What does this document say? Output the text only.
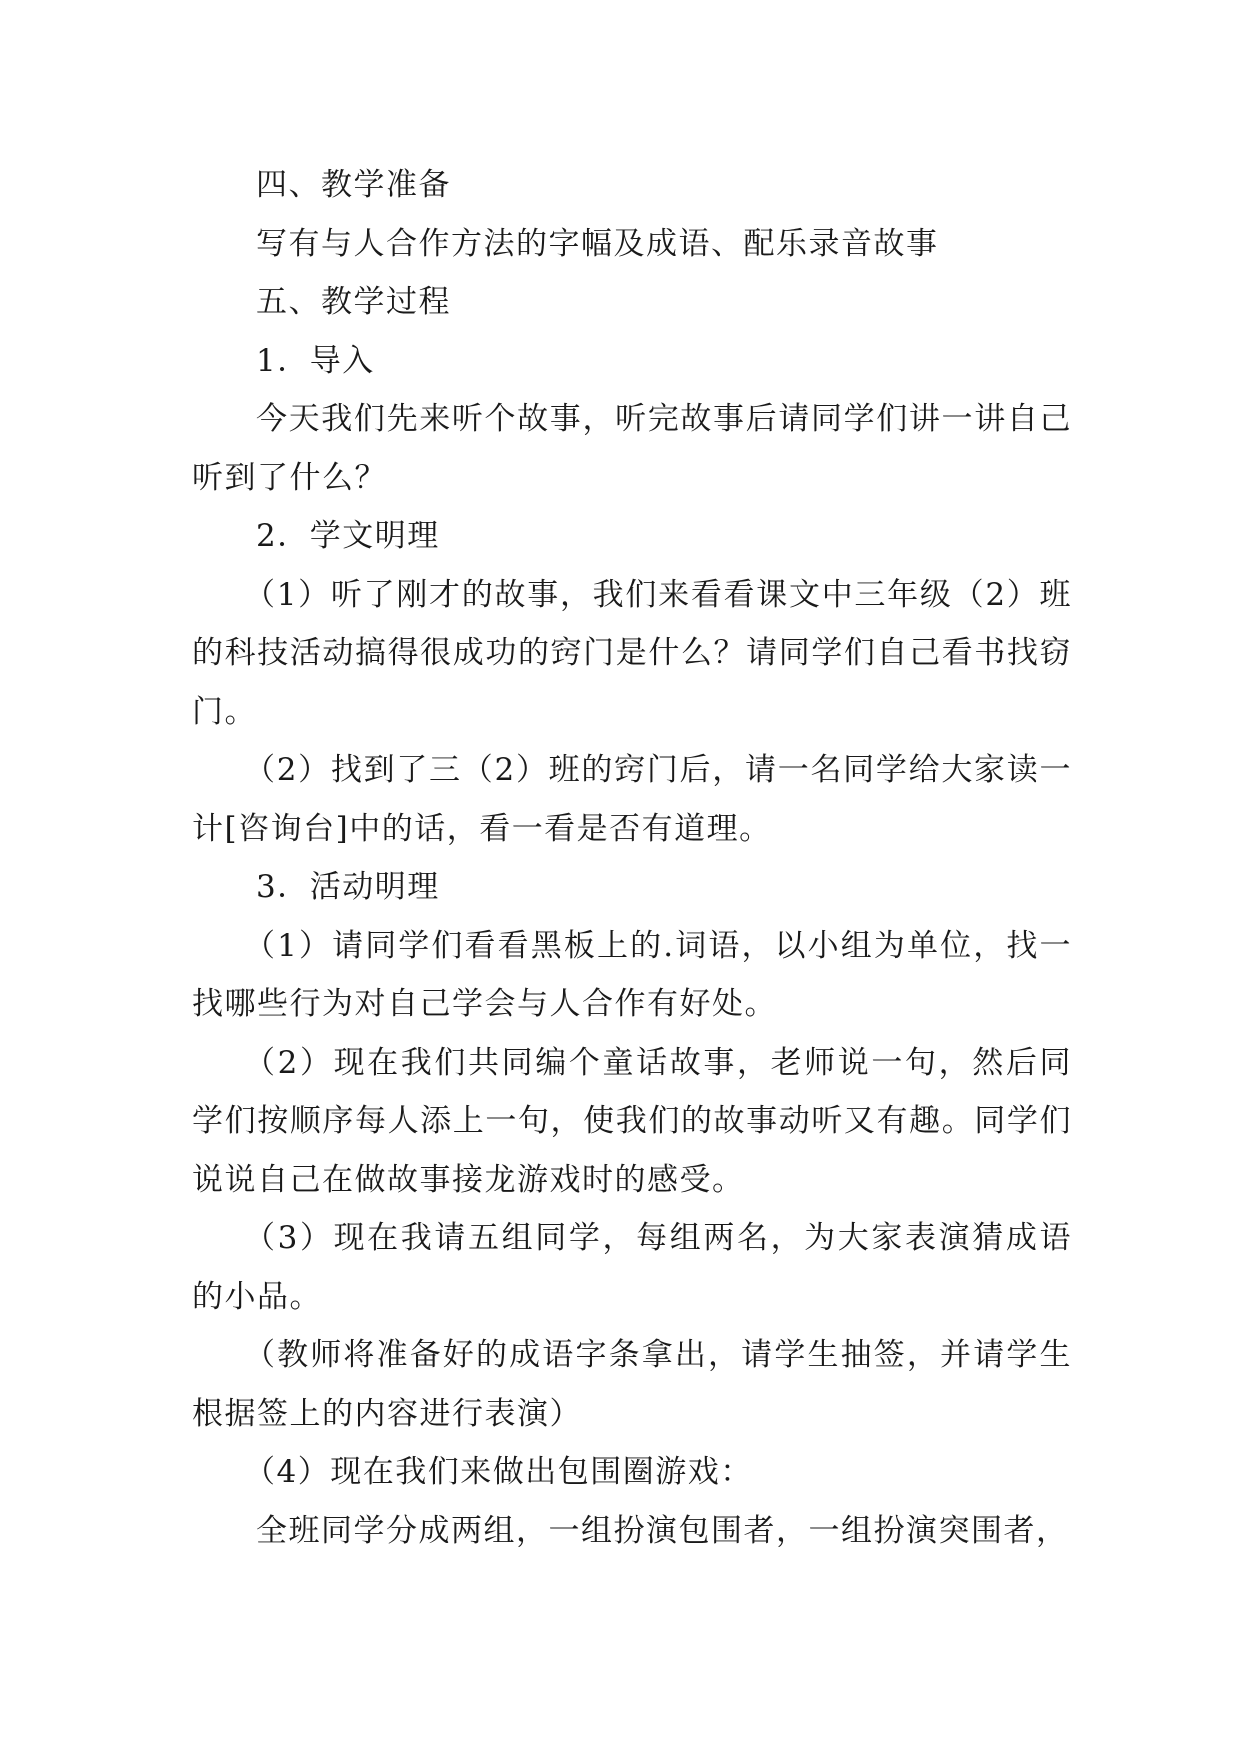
四、教学准备

写有与人合作方法的字幅及成语、配乐录音故事

五、教学过程

1．导入

今天我们先来听个故事，听完故事后请同学们讲一讲自己听到了什么？

2．学文明理

（1）听了刚才的故事，我们来看看课文中三年级（2）班的科技活动搞得很成功的窍门是什么？请同学们自己看书找窃门。

（2）找到了三（2）班的窍门后，请一名同学给大家读一计[咨询台]中的话，看一看是否有道理。

3．活动明理

（1）请同学们看看黑板上的.词语，以小组为单位，找一找哪些行为对自己学会与人合作有好处。

（2）现在我们共同编个童话故事，老师说一句，然后同学们按顺序每人添上一句，使我们的故事动听又有趣。同学们说说自己在做故事接龙游戏时的感受。

（3）现在我请五组同学，每组两名，为大家表演猜成语的小品。

（教师将准备好的成语字条拿出，请学生抽签，并请学生根据签上的内容进行表演）

（4）现在我们来做出包围圈游戏：

全班同学分成两组，一组扮演包围者，一组扮演突围者，
